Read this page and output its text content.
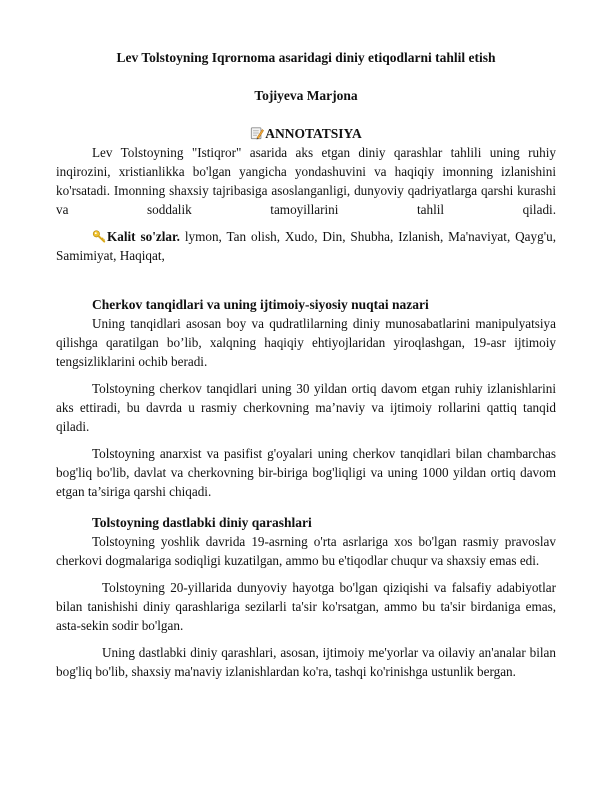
Lev Tolstoyning Iqrornoma asaridagi diniy etiqodlarni tahlil etish
Tojiyeva Marjona
ANNOTATSIYA

Lev Tolstoyning "Istiqror" asarida aks etgan diniy qarashlar tahlili uning ruhiy inqirozini, xristianlikka bo'lgan yangicha yondashuvini va haqiqiy imonning izlanishini ko'rsatadi. Imonning shaxsiy tajribasiga asoslanganligi, dunyoviy qadriyatlarga qarshi kurashi va soddalik tamoyillarini tahlil qiladi.

Kalit so'zlar. lymon, Tan olish, Xudo, Din, Shubha, Izlanish, Ma'naviyat, Qayg'u, Samimiyat, Haqiqat,

Cherkov tanqidlari va uning ijtimoiy-siyosiy nuqtai nazari

Uning tanqidlari asosan boy va qudratlilarning diniy munosabatlarini manipulyatsiya qilishga qaratilgan bo’lib, xalqning haqiqiy ehtiyojlaridan yiroqlashgan, 19-asr ijtimoiy tengsizliklarini ochib beradi.

Tolstoyning cherkov tanqidlari uning 30 yildan ortiq davom etgan ruhiy izlanishlarini aks ettiradi, bu davrda u rasmiy cherkovning ma’naviy va ijtimoiy rollarini qattiq tanqid qiladi.

Tolstoyning anarxist va pasifist g'oyalari uning cherkov tanqidlari bilan chambarchas bog'liq bo'lib, davlat va cherkovning bir-biriga bog'liqligi va uning 1000 yildan ortiq davom etgan ta’siriga qarshi chiqadi.

Tolstoyning dastlabki diniy qarashlari

Tolstoyning yoshlik davrida 19-asrning o'rta asrlariga xos bo'lgan rasmiy pravoslav cherkovi dogmalariga sodiqligi kuzatilgan, ammo bu e'tiqodlar chuqur va shaxsiy emas edi.

Tolstoyning 20-yillarida dunyoviy hayotga bo'lgan qiziqishi va falsafiy adabiyotlar bilan tanishishi diniy qarashlariga sezilarli ta'sir ko'rsatgan, ammo bu ta'sir birdaniga emas, asta-sekin sodir bo'lgan.

Uning dastlabki diniy qarashlari, asosan, ijtimoiy me'yorlar va oilaviy an'analar bilan bog'liq bo'lib, shaxsiy ma'naviy izlanishlardan ko'ra, tashqi ko'rinishga ustunlik bergan.
